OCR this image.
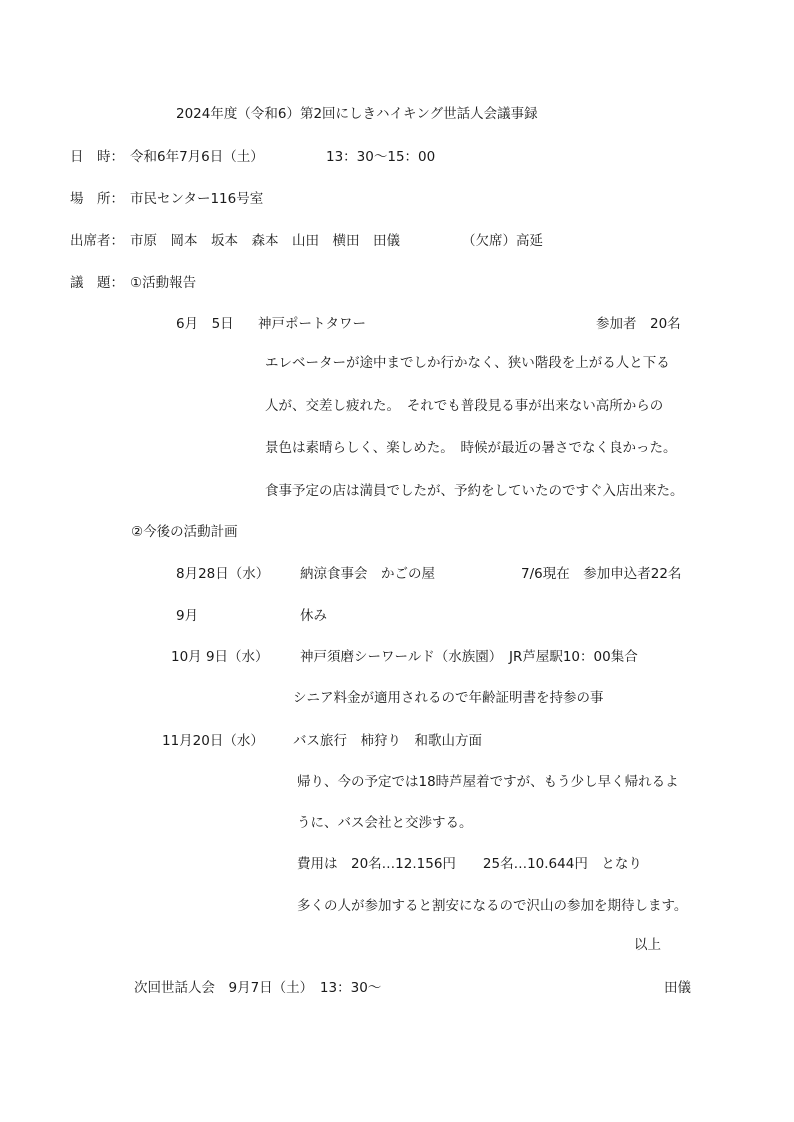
2024年度（令和6）第2回にしきハイキング世話人会議事録
日　時： 令和6年7月6日（土）	13：30〜15：00
場　所： 市民センター116号室
出席者： 市原　岡本　坂本　森本　山田　横田　田儀	（欠席）高延
議　題： ①活動報告
6月　5日 神戸ポートタワー	参加者　20名
エレベーターが途中までしか行かなく、狭い階段を上がる人と下る
人が、交差し疲れた。　それでも普段見る事が出来ない高所からの
景色は素晴らしく、楽しめた。　時候が最近の暑さでなく良かった。
食事予定の店は満員でしたが、予約をしていたのですぐ入店出来た。
②今後の活動計画
8月28日（水） 納涼食事会　かごの屋	7/6現在　参加申込者22名
9月	休み
10月 9日（水） 神戸須磨シーワールド（水族園）　JR芦屋駅10：00集合
シニア料金が適用されるので年齢証明書を持参の事
11月20日（水） バス旅行　柿狩り　和歌山方面
帰り、今の予定では18時芦屋着ですが、もう少し早く帰れるよ
うに、バス会社と交渉する。
費用は　20名…12.156円　　25名…10.644円　となり
多くの人が参加すると割安になるので沢山の参加を期待します。
以上
次回世話人会　9月7日（土）　13：30〜	田儀
